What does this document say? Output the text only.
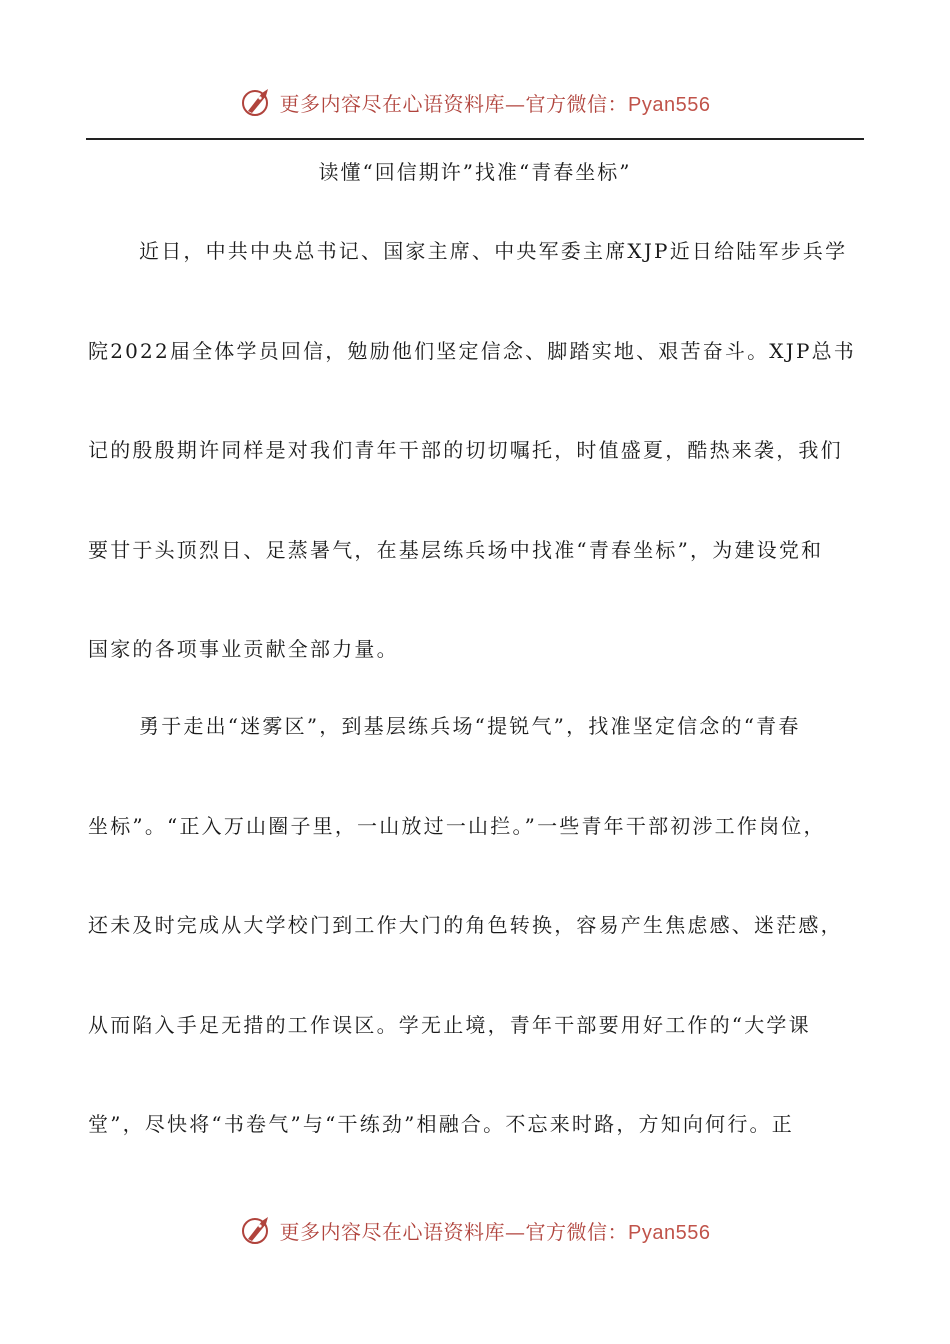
更多内容尽在心语资料库—官方微信：Pyan556
读懂“回信期许”找准“青春坐标”
近日，中共中央总书记、国家主席、中央军委主席XJP近日给陆军步兵学
院2022届全体学员回信，勉励他们坚定信念、脚踏实地、艰苦奋斗。XJP总书
记的殷殷期许同样是对我们青年干部的切切嘱托，时值盛夏，酷热来袭，我们
要甘于头顶烈日、足蒸暑气，在基层练兵场中找准“青春坐标”，为建设党和
国家的各项事业贡献全部力量。
勇于走出“迷雾区”，到基层练兵场“提锐气”，找准坚定信念的“青春
坐标”。“正入万山圈子里，一山放过一山拦。”一些青年干部初涉工作岗位，
还未及时完成从大学校门到工作大门的角色转换，容易产生焦虑感、迷茫感，
从而陷入手足无措的工作误区。学无止境，青年干部要用好工作的“大学课
堂”，尽快将“书卷气”与“干练劲”相融合。不忘来时路，方知向何行。正
更多内容尽在心语资料库—官方微信：Pyan556
